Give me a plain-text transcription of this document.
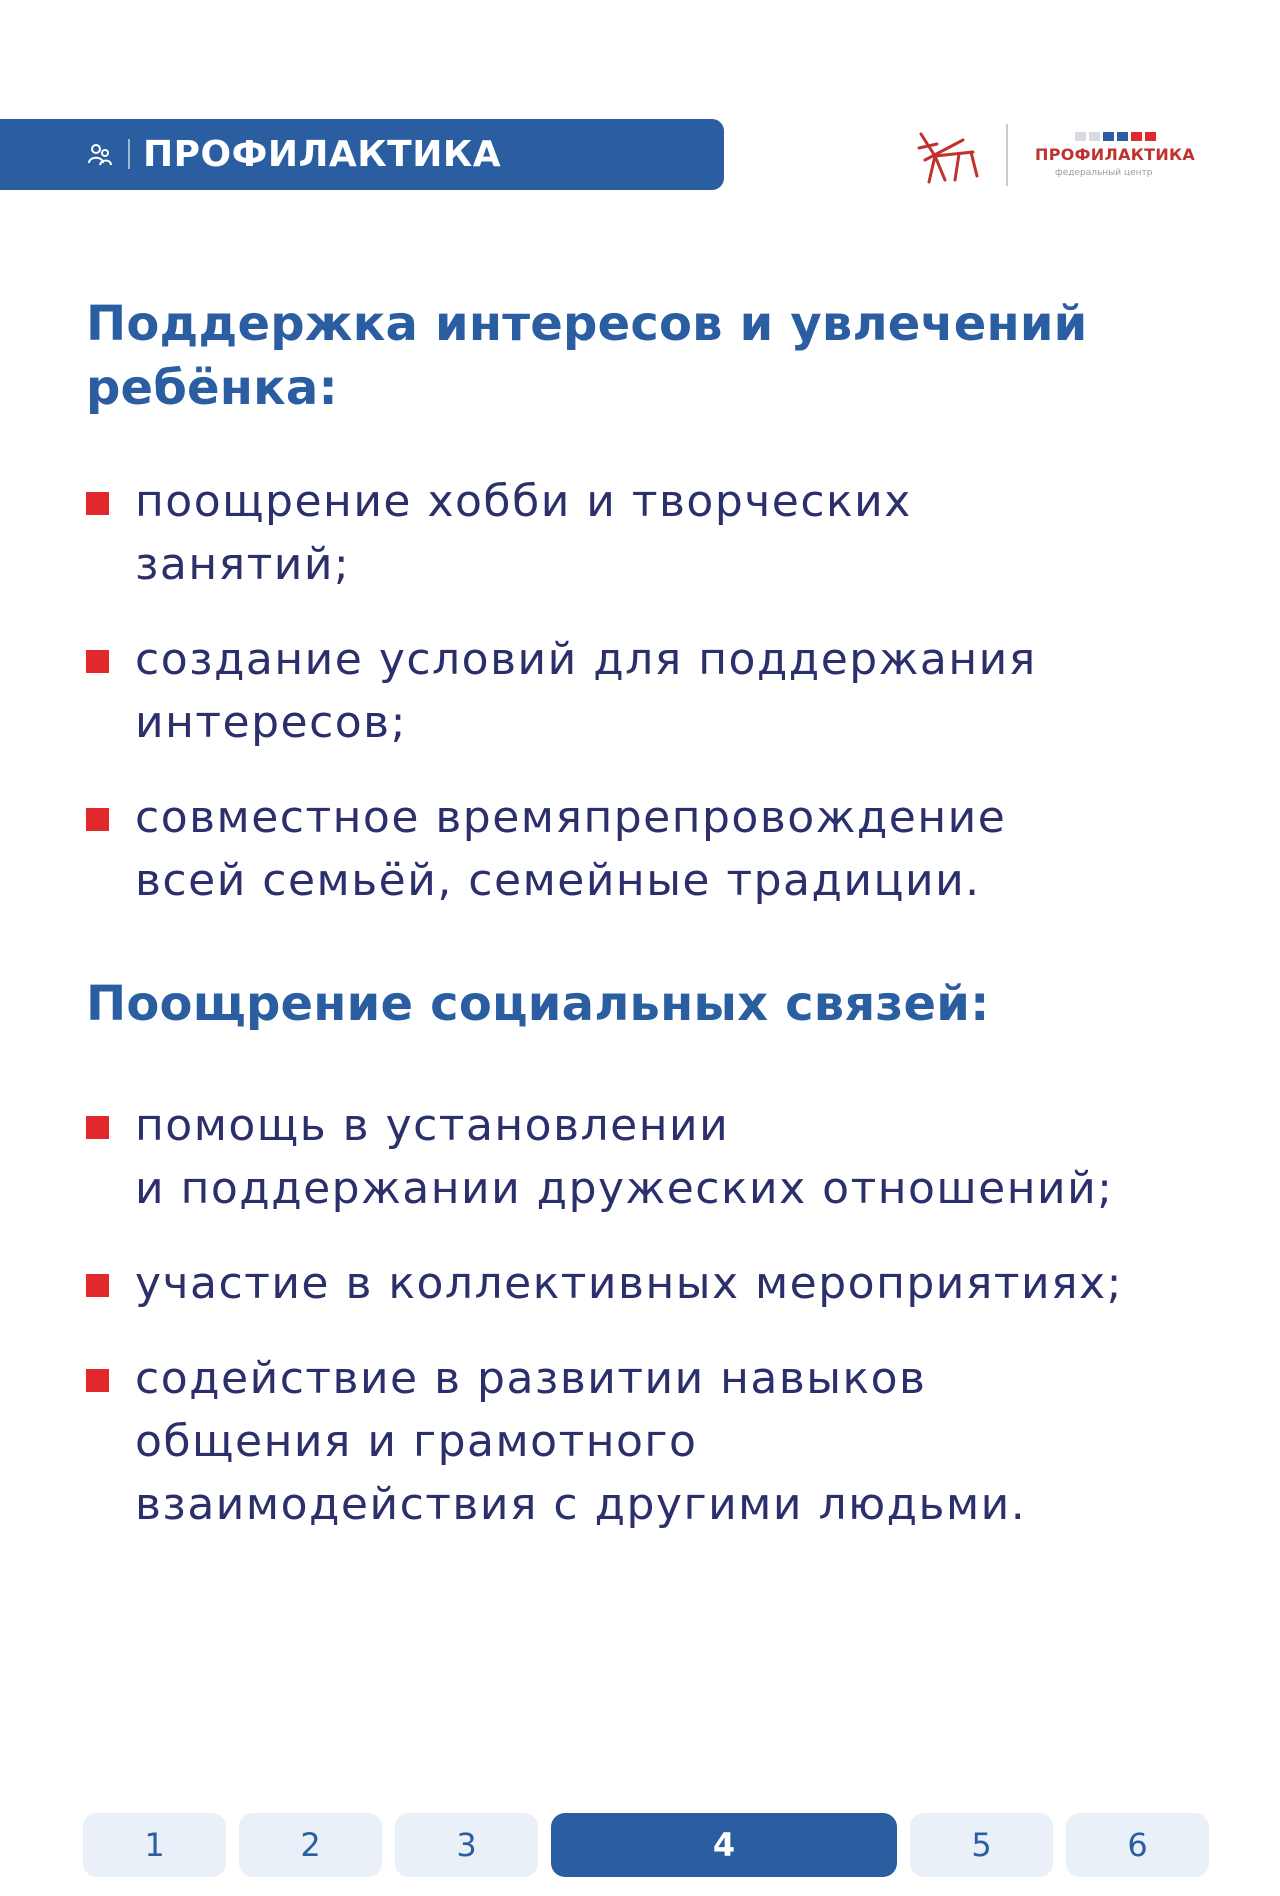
ПРОФИЛАКТИКА	ПРОФИЛАКТИКА
федеральный центр
Поддержка интересов и увлечений
ребёнка:
поощрение хобби и творческих
занятий;
создание условий для поддержания
интересов;
совместное времяпрепровождение
всей семьёй, семейные традиции.
Поощрение социальных связей:
помощь в установлении
и поддержании дружеских отношений;
участие в коллективных мероприятиях;
содействие в развитии навыков
общения и грамотного
взаимодействия с другими людьми.
1	2	3	4	5	6
